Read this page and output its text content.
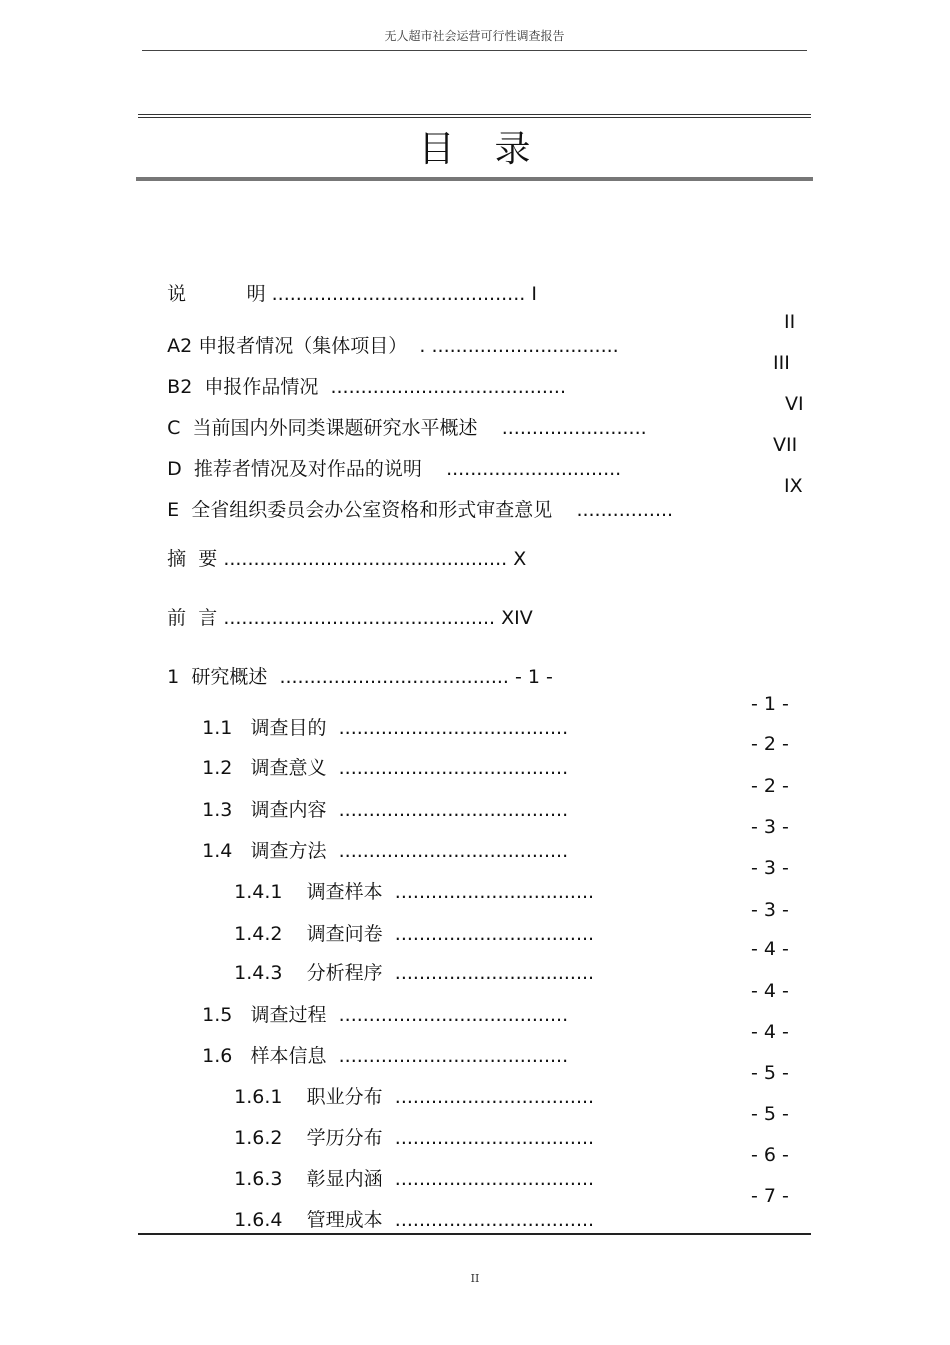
无人超市社会运营可行性调查报告
目录

说          明 .......................................... I

A2 申报者情况（集体项目） . ...............................

II

B2  申报作品情况 .......................................

III

C  当前国内外同类课题研究水平概述 ........................

VI

D  推荐者情况及对作品的说明 .............................

VII

E  全省组织委员会办公室资格和形式审查意见 ................

IX

摘  要 ............................................... X

前  言 ............................................. XIV

1  研究概述 ...................................... - 1 -

1.1   调查目的 ......................................

- 1 -

1.2   调查意义 ......................................

- 2 -

1.3   调查内容 ......................................

- 2 -

1.4   调查方法 ......................................

- 3 -

1.4.1    调查样本 .................................

- 3 -

1.4.2    调查问卷 .................................

- 3 -

1.4.3    分析程序 .................................

- 4 -

1.5   调查过程 ......................................

- 4 -

1.6   样本信息 ......................................

- 4 -

1.6.1    职业分布 .................................

- 5 -

1.6.2    学历分布 .................................

- 5 -

1.6.3    彰显内涵 .................................

- 6 -

1.6.4    管理成本 .................................

- 7 -
II
